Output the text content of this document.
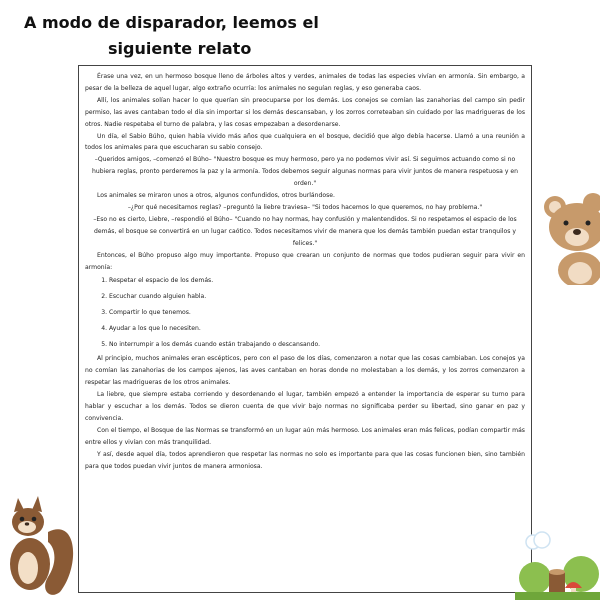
A modo de disparador, leemos el
siguiente relato

Érase una vez, en un hermoso bosque lleno de árboles altos y verdes, animales de todas las especies vivían en armonía. Sin embargo, a pesar de la belleza de aquel lugar, algo extraño ocurría: los animales no seguían reglas, y eso generaba caos.

Allí, los animales solían hacer lo que querían sin preocuparse por los demás. Los conejos se comían las zanahorias del campo sin pedir permiso, las aves cantaban todo el día sin importar si los demás descansaban, y los zorros correteaban sin cuidado por las madrigueras de los otros. Nadie respetaba el turno de palabra, y las cosas empezaban a desordenarse.

Un día, el Sabio Búho, quien había vivido más años que cualquiera en el bosque, decidió que algo debía hacerse. Llamó a una reunión a todos los animales para que escucharan su sabio consejo.

–Queridos amigos, –comenzó el Búho– "Nuestro bosque es muy hermoso, pero ya no podemos vivir así. Si seguimos actuando como si no hubiera reglas, pronto perderemos la paz y la armonía. Todos debemos seguir algunas normas para vivir juntos de manera respetuosa y en orden."

Los animales se miraron unos a otros, algunos confundidos, otros burlándose.

–¿Por qué necesitamos reglas? –preguntó la liebre traviesa– "Si todos hacemos lo que queremos, no hay problema."

–Eso no es cierto, Liebre, –respondió el Búho– "Cuando no hay normas, hay confusión y malentendidos. Si no respetamos el espacio de los demás, el bosque se convertirá en un lugar caótico. Todos necesitamos vivir de manera que los demás también puedan estar tranquilos y felices."

Entonces, el Búho propuso algo muy importante. Propuso que crearan un conjunto de normas que todos pudieran seguir para vivir en armonía:

1. Respetar el espacio de los demás.
2. Escuchar cuando alguien habla.
3. Compartir lo que tenemos.
4. Ayudar a los que lo necesiten.
5. No interrumpir a los demás cuando están trabajando o descansando.

Al principio, muchos animales eran escépticos, pero con el paso de los días, comenzaron a notar que las cosas cambiaban. Los conejos ya no comían las zanahorias de los campos ajenos, las aves cantaban en horas donde no molestaban a los demás, y los zorros comenzaron a respetar las madrigueras de los otros animales.

La liebre, que siempre estaba corriendo y desordenando el lugar, también empezó a entender la importancia de esperar su turno para hablar y escuchar a los demás. Todos se dieron cuenta de que vivir bajo normas no significaba perder su libertad, sino ganar en paz y convivencia.

Con el tiempo, el Bosque de las Normas se transformó en un lugar aún más hermoso. Los animales eran más felices, podían compartir más entre ellos y vivían con más tranquilidad.

Y así, desde aquel día, todos aprendieron que respetar las normas no solo es importante para que las cosas funcionen bien, sino también para que todos puedan vivir juntos de manera armoniosa.
